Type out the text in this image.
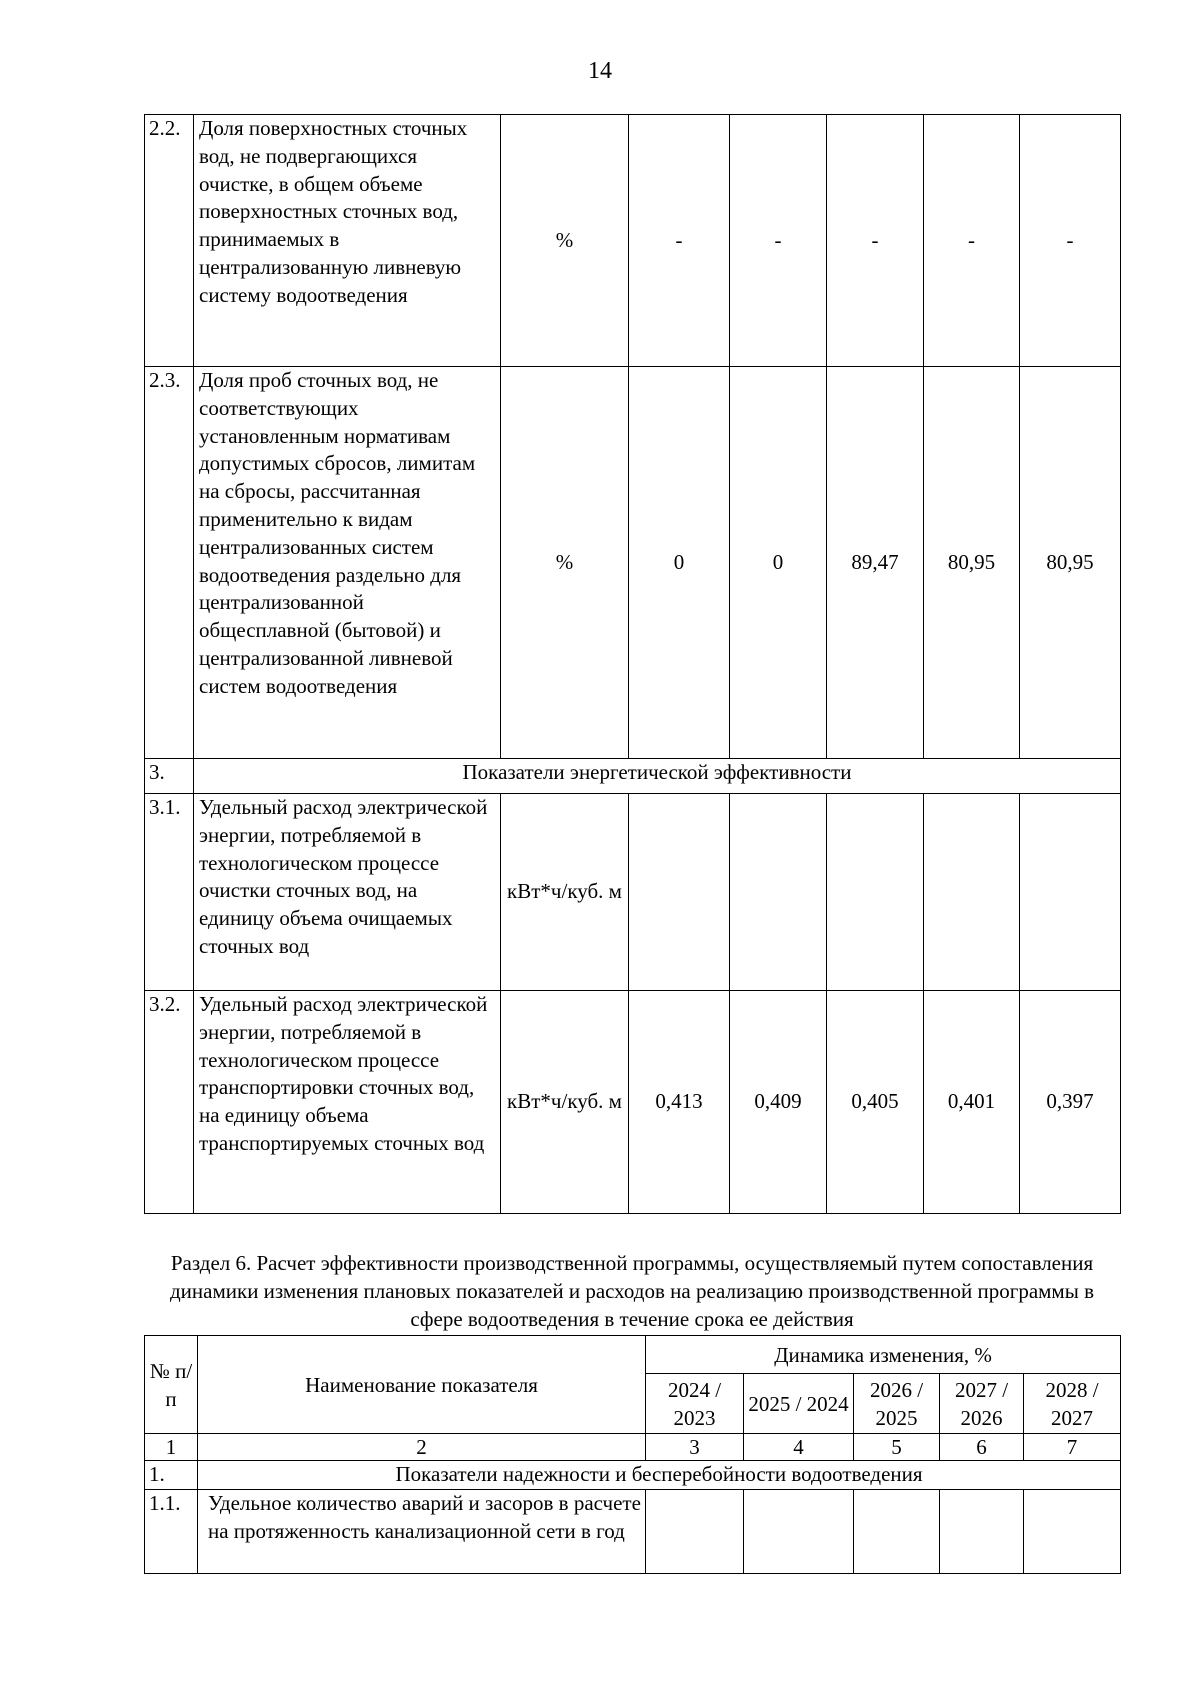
14
2.2.	Доля поверхностных сточных вод, не подвергающихся очистке, в общем объеме поверхностных сточных вод, принимаемых в централизованную ливневую систему водоотведения	%	-	-	-	-	-
2.3.	Доля проб сточных вод, не соответствующих установленным нормативам допустимых сбросов, лимитам на сбросы, рассчитанная применительно к видам централизованных систем водоотведения раздельно для централизованной общесплавной (бытовой) и централизованной ливневой систем водоотведения	%	0	0	89,47	80,95	80,95
3.	Показатели энергетической эффективности						
3.1.	Удельный расход электрической энергии, потребляемой в технологическом процессе очистки сточных вод, на единицу объема очищаемых сточных вод	кВт*ч/куб. м					
3.2.	Удельный расход электрической энергии, потребляемой в технологическом процессе транспортировки сточных вод, на единицу объема транспортируемых сточных вод	кВт*ч/куб. м	0,413	0,409	0,405	0,401	0,397
Раздел 6. Расчет эффективности производственной программы, осуществляемый путем сопоставления динамики изменения плановых показателей и расходов на реализацию производственной программы в сфере водоотведения в течение срока ее действия
№ п/п	Наименование показателя	Динамика изменения, %				
		2024 / 2023	2025 / 2024	2026 / 2025	2027 / 2026	2028 / 2027
1	2	3	4	5	6	7
1.	Показатели надежности и бесперебойности водоотведения					
1.1.	Удельное количество аварий и засоров в расчете на протяженность канализационной сети в год					
